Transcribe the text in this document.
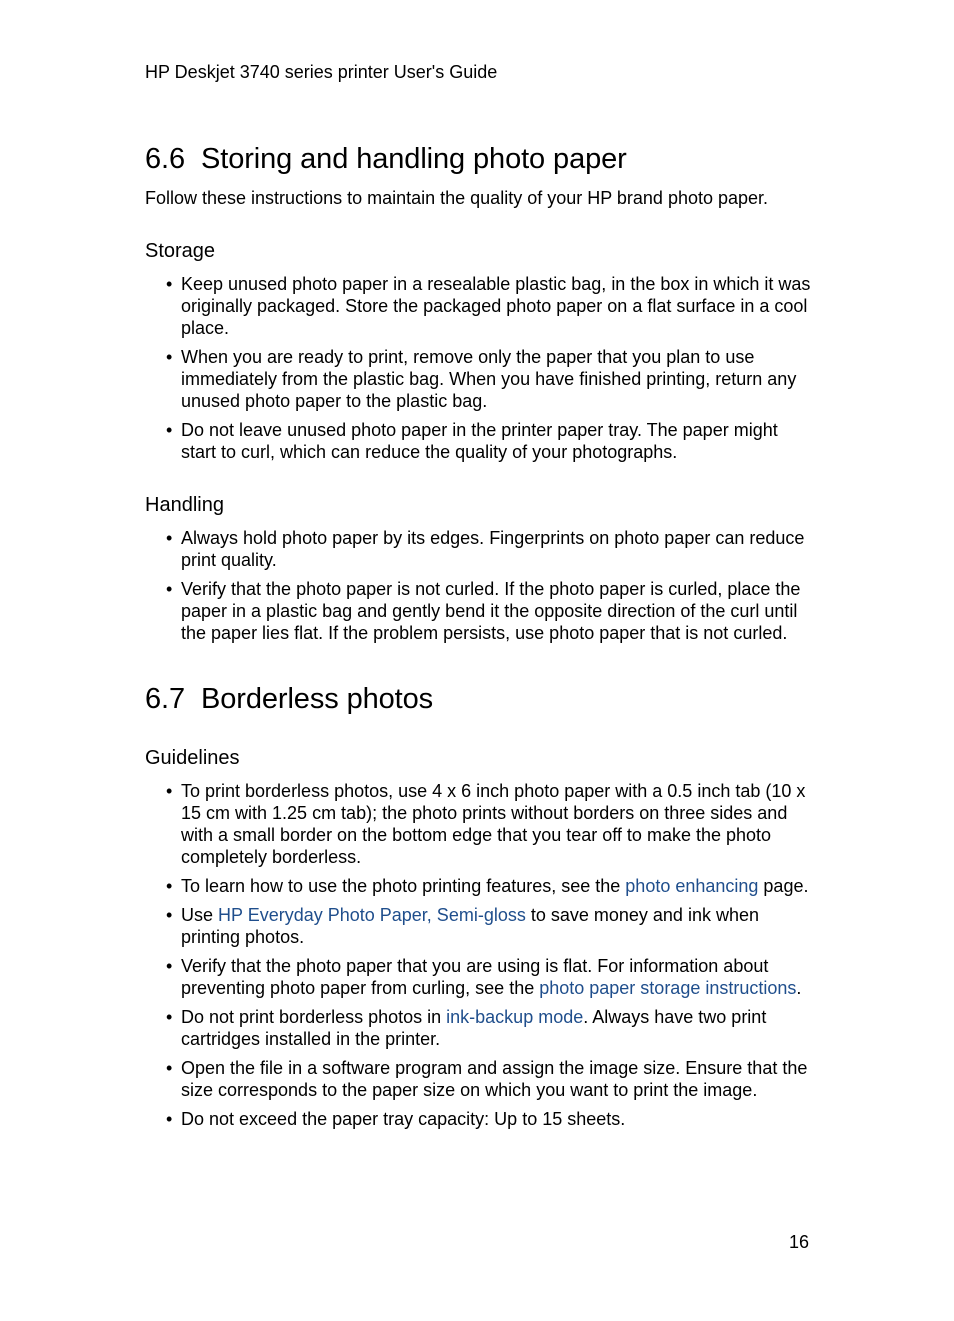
HP Deskjet 3740 series printer User's Guide
6.6 Storing and handling photo paper

Follow these instructions to maintain the quality of your HP brand photo paper.

Storage
• Keep unused photo paper in a resealable plastic bag, in the box in which it was originally packaged. Store the packaged photo paper on a flat surface in a cool place.
• When you are ready to print, remove only the paper that you plan to use immediately from the plastic bag. When you have finished printing, return any unused photo paper to the plastic bag.
• Do not leave unused photo paper in the printer paper tray. The paper might start to curl, which can reduce the quality of your photographs.
Handling
• Always hold photo paper by its edges. Fingerprints on photo paper can reduce print quality.
• Verify that the photo paper is not curled. If the photo paper is curled, place the paper in a plastic bag and gently bend it the opposite direction of the curl until the paper lies flat. If the problem persists, use photo paper that is not curled.
6.7 Borderless photos
Guidelines
• To print borderless photos, use 4 x 6 inch photo paper with a 0.5 inch tab (10 x 15 cm with 1.25 cm tab); the photo prints without borders on three sides and with a small border on the bottom edge that you tear off to make the photo completely borderless.
• To learn how to use the photo printing features, see the photo enhancing page.
• Use HP Everyday Photo Paper, Semi-gloss to save money and ink when printing photos.
• Verify that the photo paper that you are using is flat. For information about preventing photo paper from curling, see the photo paper storage instructions.
• Do not print borderless photos in ink-backup mode. Always have two print cartridges installed in the printer.
• Open the file in a software program and assign the image size. Ensure that the size corresponds to the paper size on which you want to print the image.
• Do not exceed the paper tray capacity: Up to 15 sheets.
16
